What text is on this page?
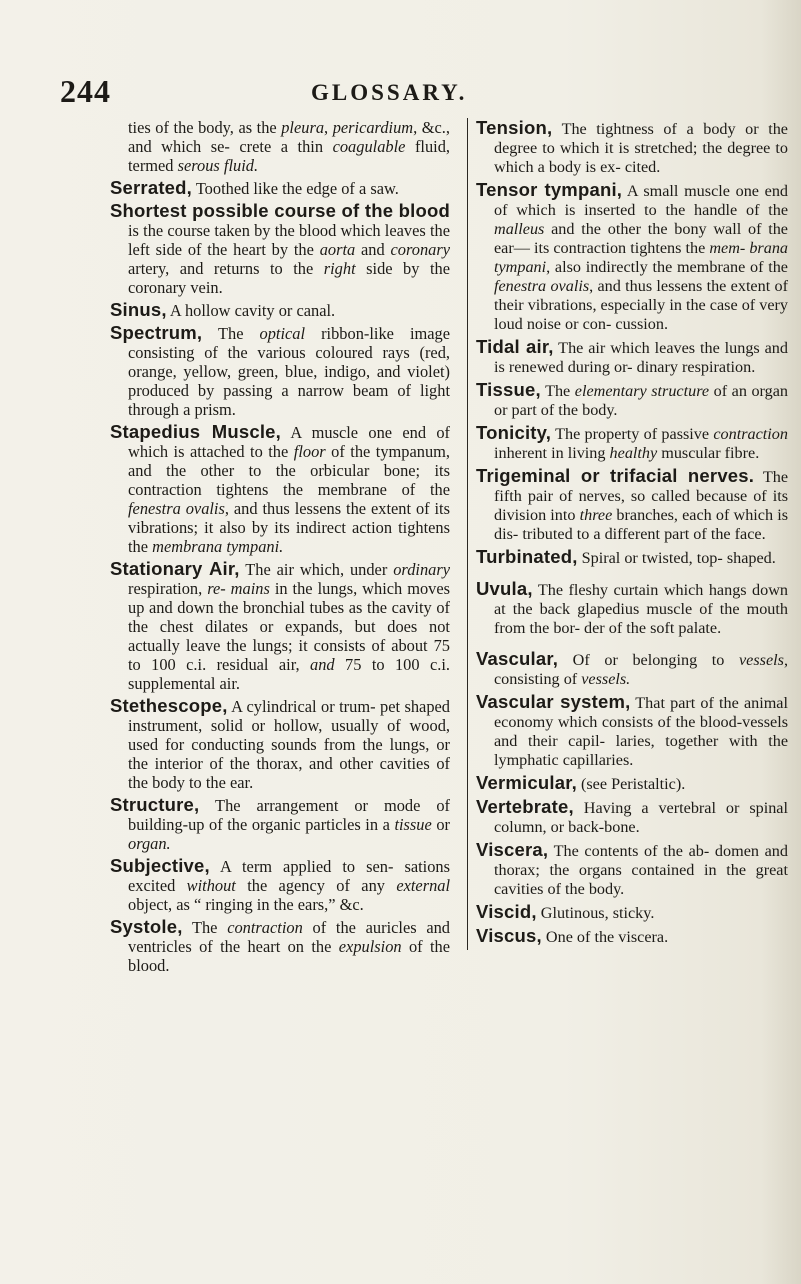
244	GLOSSARY.

ties of the body, as the pleura, pericardium, &c., and which se- crete a thin coagulable fluid, termed serous fluid.

Serrated, Toothed like the edge of a saw.

Shortest possible course of the blood is the course taken by the blood which leaves the left side of the heart by the aorta and coronary artery, and returns to the right side by the coronary vein.

Sinus, A hollow cavity or canal.

Spectrum, The optical ribbon-like image consisting of the various coloured rays (red, orange, yellow, green, blue, indigo, and violet) produced by passing a narrow beam of light through a prism.

Stapedius Muscle, A muscle one end of which is attached to the floor of the tympanum, and the other to the orbicular bone; its contraction tightens the membrane of the fenestra ovalis, and thus lessens the extent of its vibrations; it also by its indirect action tightens the membrana tympani.

Stationary Air, The air which, under ordinary respiration, re- mains in the lungs, which moves up and down the bronchial tubes as the cavity of the chest dilates or expands, but does not actually leave the lungs; it consists of about 75 to 100 c.i. residual air, and 75 to 100 c.i. supplemental air.

Stethescope, A cylindrical or trum- pet shaped instrument, solid or hollow, usually of wood, used for conducting sounds from the lungs, or the interior of the thorax, and other cavities of the body to the ear.

Structure, The arrangement or mode of building-up of the organic particles in a tissue or organ.

Subjective, A term applied to sen- sations excited without the agency of any external object, as “ ringing in the ears,” &c.

Systole, The contraction of the auricles and ventricles of the heart on the expulsion of the blood.

Tension, The tightness of a body or the degree to which it is stretched; the degree to which a body is ex- cited.

Tensor tympani, A small muscle one end of which is inserted to the handle of the malleus and the other the bony wall of the ear— its contraction tightens the mem- brana tympani, also indirectly the membrane of the fenestra ovalis, and thus lessens the extent of their vibrations, especially in the case of very loud noise or con- cussion.

Tidal air, The air which leaves the lungs and is renewed during or- dinary respiration.

Tissue, The elementary structure of an organ or part of the body.

Tonicity, The property of passive contraction inherent in living healthy muscular fibre.

Trigeminal or trifacial nerves. The fifth pair of nerves, so called because of its division into three branches, each of which is dis- tributed to a different part of the face.

Turbinated, Spiral or twisted, top- shaped.

Uvula, The fleshy curtain which hangs down at the back glapedius muscle of the mouth from the bor- der of the soft palate.

Vascular, Of or belonging to vessels, consisting of vessels.

Vascular system, That part of the animal economy which consists of the blood-vessels and their capil- laries, together with the lymphatic capillaries.

Vermicular, (see Peristaltic).

Vertebrate, Having a vertebral or spinal column, or back-bone.

Viscera, The contents of the ab- domen and thorax; the organs contained in the great cavities of the body.

Viscid, Glutinous, sticky.

Viscus, One of the viscera.
